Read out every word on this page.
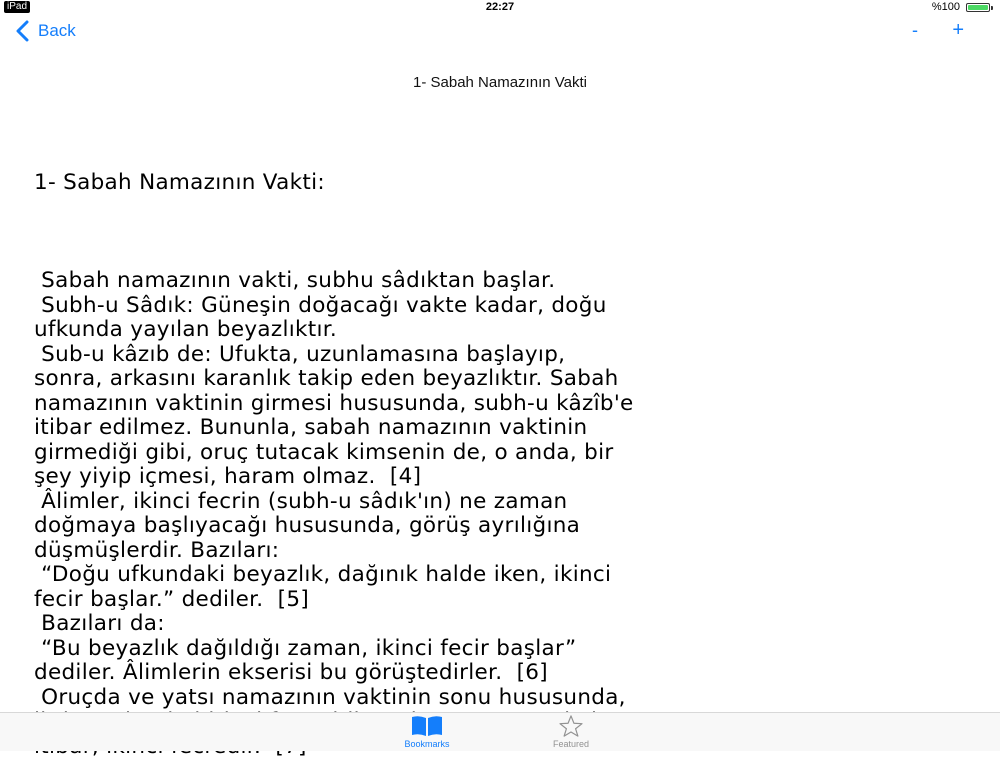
iPad	22:27	%100
Back	- +
1- Sabah Namazının Vakti

1- Sabah Namazının Vakti:

Sabah namazının vakti, subhu sâdıktan başlar.
Subh-u Sâdık: Güneşin doğacağı vakte kadar, doğu
ufkunda yayılan beyazlıktır.
Sub-u kâzıb de: Ufukta, uzunlamasına başlayıp,
sonra, arkasını karanlık takip eden beyazlıktır. Sabah
namazının vaktinin girmesi hususunda, subh-u kâzîb'e
itibar edilmez. Bununla, sabah namazının vaktinin
girmediği gibi, oruç tutacak kimsenin de, o anda, bir
şey yiyip içmesi, haram olmaz.  [4]
Âlimler, ikinci fecrin (subh-u sâdık'ın) ne zaman
doğmaya başlıyacağı hususunda, görüş ayrılığına
düşmüşlerdir. Bazıları:
“Doğu ufkundaki beyazlık, dağınık halde iken, ikinci
fecir başlar.” dediler.  [5]
Bazıları da:
“Bu beyazlık dağıldığı zaman, ikinci fecir başlar”
dediler. Âlimlerin ekserisi bu görüştedirler.  [6]
Oruçda ve yatsı namazının vaktinin sonu hususunda,

Bookmarks	Featured
